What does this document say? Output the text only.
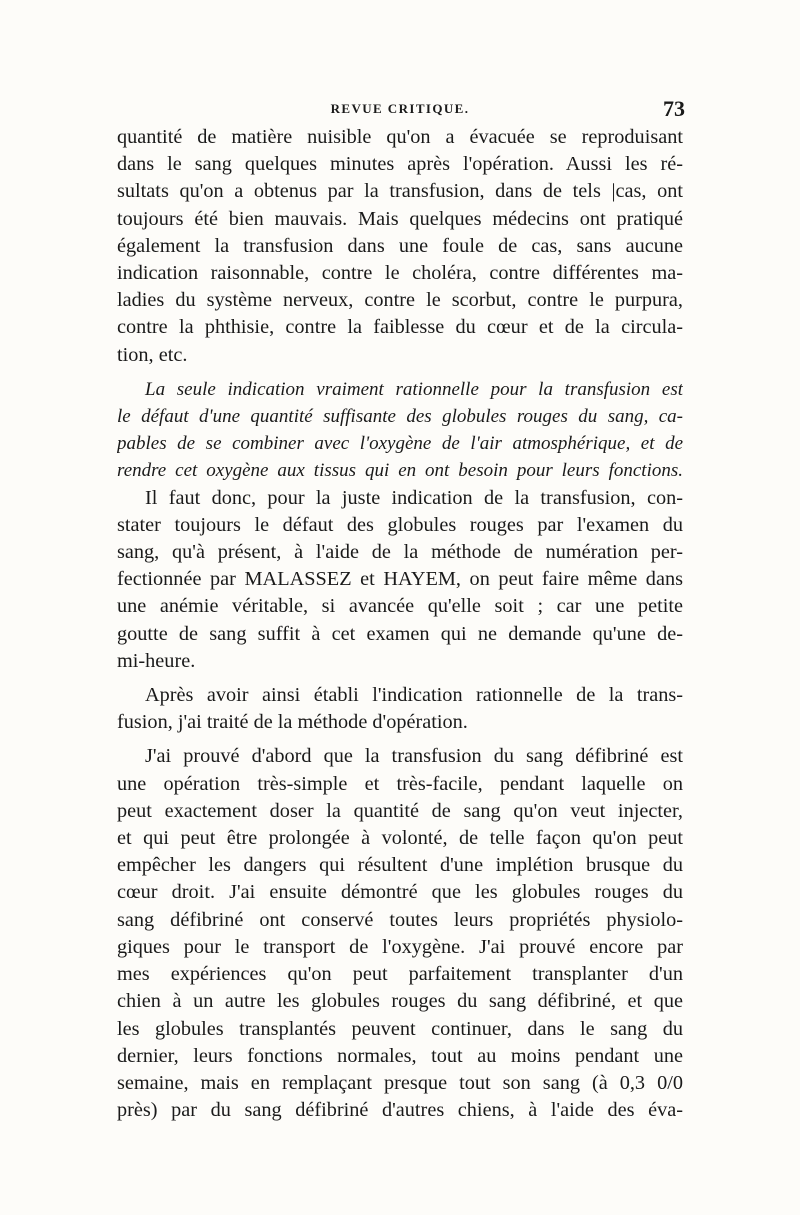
REVUE CRITIQUE.	73
quantité de matière nuisible qu'on a évacuée se reproduisant
dans le sang quelques minutes après l'opération. Aussi les ré-
sultats qu'on a obtenus par la transfusion, dans de tels |cas, ont
toujours été bien mauvais. Mais quelques médecins ont pratiqué
également la transfusion dans une foule de cas, sans aucune
indication raisonnable, contre le choléra, contre différentes ma-
ladies du système nerveux, contre le scorbut, contre le purpura,
contre la phthisie, contre la faiblesse du cœur et de la circula-
tion, etc.
La seule indication vraiment rationnelle pour la transfusion est
le défaut d'une quantité suffisante des globules rouges du sang, ca-
pables de se combiner avec l'oxygène de l'air atmosphérique, et de
rendre cet oxygène aux tissus qui en ont besoin pour leurs fonctions.
Il faut donc, pour la juste indication de la transfusion, con-
stater toujours le défaut des globules rouges par l'examen du
sang, qu'à présent, à l'aide de la méthode de numération per-
fectionnée par MALASSEZ et HAYEM, on peut faire même dans
une anémie véritable, si avancée qu'elle soit ; car une petite
goutte de sang suffit à cet examen qui ne demande qu'une de-
mi-heure.
Après avoir ainsi établi l'indication rationnelle de la trans-
fusion, j'ai traité de la méthode d'opération.
J'ai prouvé d'abord que la transfusion du sang défibriné est
une opération très-simple et très-facile, pendant laquelle on
peut exactement doser la quantité de sang qu'on veut injecter,
et qui peut être prolongée à volonté, de telle façon qu'on peut
empêcher les dangers qui résultent d'une implétion brusque du
cœur droit. J'ai ensuite démontré que les globules rouges du
sang défibriné ont conservé toutes leurs propriétés physiolo-
giques pour le transport de l'oxygène. J'ai prouvé encore par
mes expériences qu'on peut parfaitement transplanter d'un
chien à un autre les globules rouges du sang défibriné, et que
les globules transplantés peuvent continuer, dans le sang du
dernier, leurs fonctions normales, tout au moins pendant une
semaine, mais en remplaçant presque tout son sang (à 0,3 0/0
près) par du sang défibriné d'autres chiens, à l'aide des éva-
